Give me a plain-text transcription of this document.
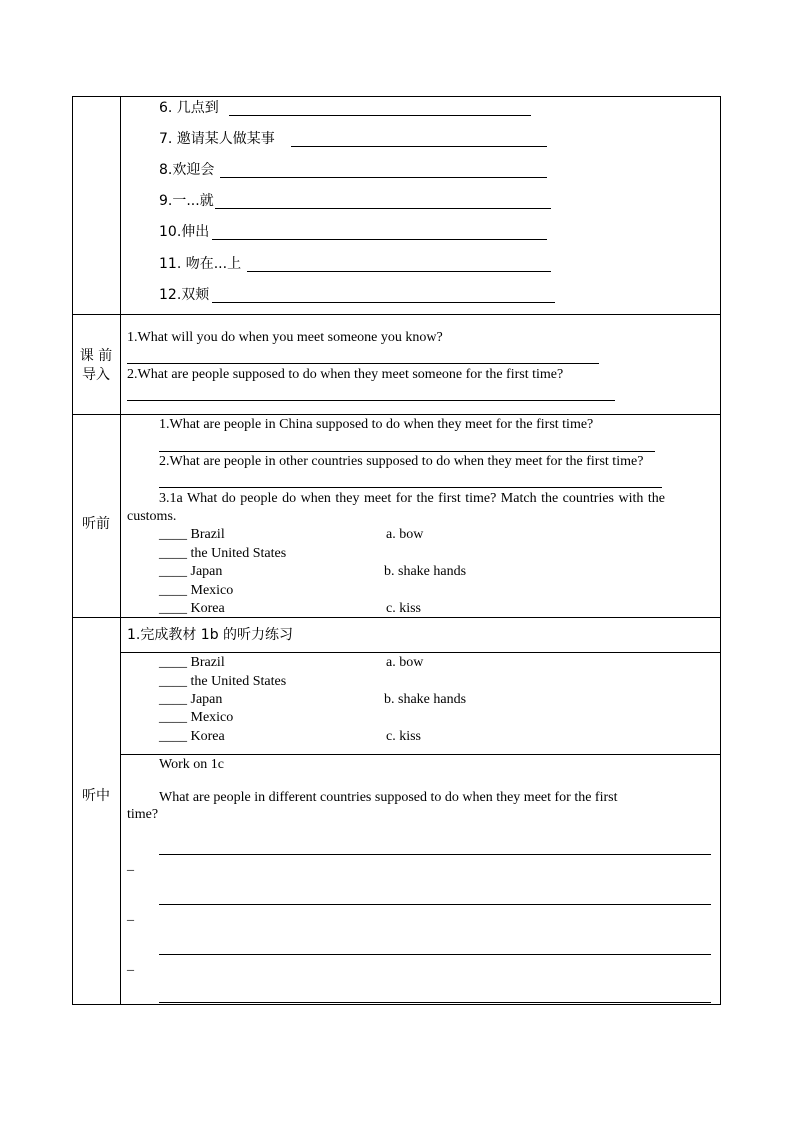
6. 几点到
7. 邀请某人做某事
8.欢迎会
9.一...就
10.伸出
11. 吻在...上
12.双颊
课 前
导入
1.What will you do when you meet someone you know?
2.What are people supposed to do when they meet someone for the first time?
听前
1.What are people in China supposed to do when they meet for the first time?
2.What are people in other countries supposed to do when they meet for the first time?
3.1a What do people do when they meet for the first time? Match the countries with the
customs.
____ Brazil
____ the United States
____ Japan
____ Mexico
____ Korea
a. bow
b. shake hands
c. kiss
听中
1.完成教材 1b 的听力练习
____ Brazil
____ the United States
____ Japan
____ Mexico
____ Korea
a. bow
b. shake hands
c. kiss
Work on 1c
What are people in different countries supposed to do when they meet for the first
time?
_
_
_
